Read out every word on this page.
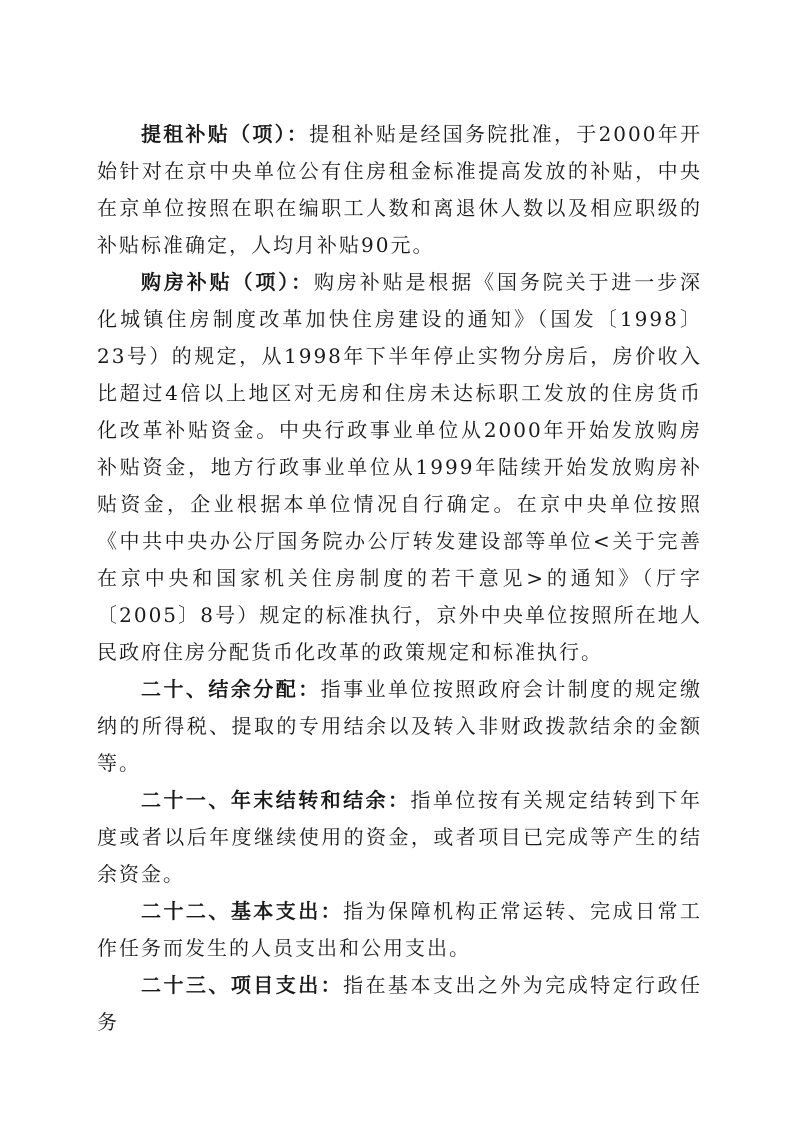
提租补贴（项）：提租补贴是经国务院批准，于2000年开始针对在京中央单位公有住房租金标准提高发放的补贴，中央在京单位按照在职在编职工人数和离退休人数以及相应职级的补贴标准确定，人均月补贴90元。

购房补贴（项）：购房补贴是根据《国务院关于进一步深化城镇住房制度改革加快住房建设的通知》（国发〔1998〕23号）的规定，从1998年下半年停止实物分房后，房价收入比超过4倍以上地区对无房和住房未达标职工发放的住房货币化改革补贴资金。中央行政事业单位从2000年开始发放购房补贴资金，地方行政事业单位从1999年陆续开始发放购房补贴资金，企业根据本单位情况自行确定。在京中央单位按照《中共中央办公厅国务院办公厅转发建设部等单位<关于完善在京中央和国家机关住房制度的若干意见>的通知》（厅字〔2005〕8号）规定的标准执行，京外中央单位按照所在地人民政府住房分配货币化改革的政策规定和标准执行。

二十、结余分配：指事业单位按照政府会计制度的规定缴纳的所得税、提取的专用结余以及转入非财政拨款结余的金额等。

二十一、年末结转和结余：指单位按有关规定结转到下年度或者以后年度继续使用的资金，或者项目已完成等产生的结余资金。

二十二、基本支出：指为保障机构正常运转、完成日常工作任务而发生的人员支出和公用支出。

二十三、项目支出：指在基本支出之外为完成特定行政任务
